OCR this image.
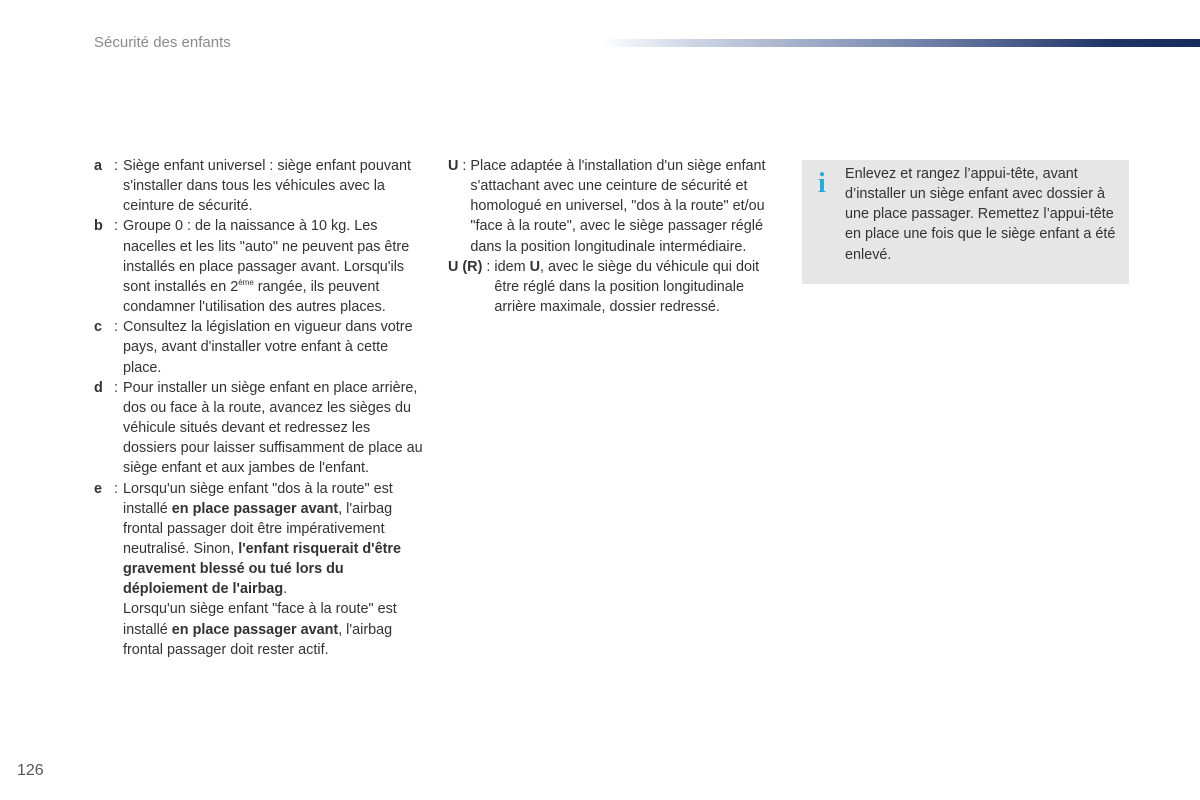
Sécurité des enfants
a : Siège enfant universel : siège enfant pouvant s'installer dans tous les véhicules avec la ceinture de sécurité.
b : Groupe 0 : de la naissance à 10 kg. Les nacelles et les lits "auto" ne peuvent pas être installés en place passager avant. Lorsqu'ils sont installés en 2ème rangée, ils peuvent condamner l'utilisation des autres places.
c : Consultez la législation en vigueur dans votre pays, avant d'installer votre enfant à cette place.
d : Pour installer un siège enfant en place arrière, dos ou face à la route, avancez les sièges du véhicule situés devant et redressez les dossiers pour laisser suffisamment de place au siège enfant et aux jambes de l'enfant.
e : Lorsqu'un siège enfant "dos à la route" est installé en place passager avant, l'airbag frontal passager doit être impérativement neutralisé. Sinon, l'enfant risquerait d'être gravement blessé ou tué lors du déploiement de l'airbag.
Lorsqu'un siège enfant "face à la route" est installé en place passager avant, l'airbag frontal passager doit rester actif.
U : Place adaptée à l'installation d'un siège enfant s'attachant avec une ceinture de sécurité et homologué en universel, "dos à la route" et/ou "face à la route", avec le siège passager réglé dans la position longitudinale intermédiaire.
U (R) : idem U, avec le siège du véhicule qui doit être réglé dans la position longitudinale arrière maximale, dossier redressé.
i Enlevez et rangez l’appui-tête, avant d’installer un siège enfant avec dossier à une place passager. Remettez l’appui-tête en place une fois que le siège enfant a été enlevé.
126
